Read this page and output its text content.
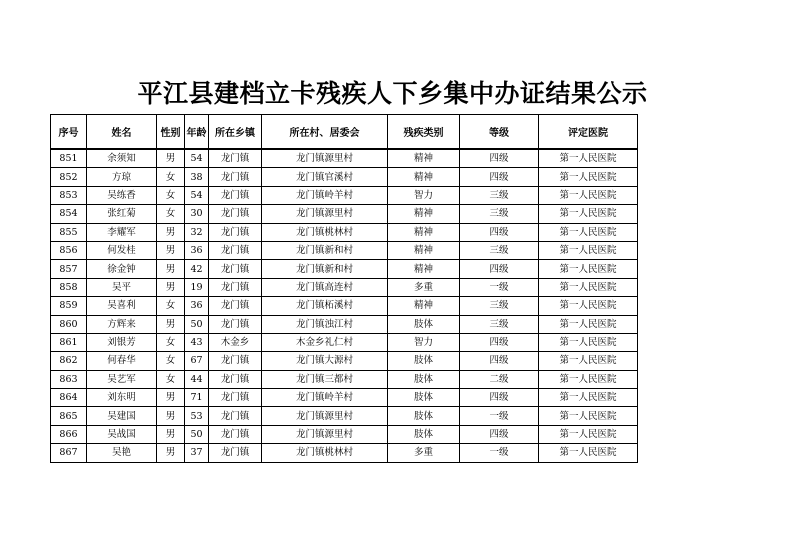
平江县建档立卡残疾人下乡集中办证结果公示
序号	姓名	性别	年龄	所在乡镇	所在村、居委会	残疾类别	等级	评定医院
851	余须知	男	54	龙门镇	龙门镇源里村	精神	四级	第一人民医院
852	方琼	女	38	龙门镇	龙门镇官溪村	精神	四级	第一人民医院
853	吴练香	女	54	龙门镇	龙门镇岭羊村	智力	三级	第一人民医院
854	张红菊	女	30	龙门镇	龙门镇源里村	精神	三级	第一人民医院
855	李耀军	男	32	龙门镇	龙门镇桃林村	精神	四级	第一人民医院
856	何发桂	男	36	龙门镇	龙门镇新和村	精神	三级	第一人民医院
857	徐金钟	男	42	龙门镇	龙门镇新和村	精神	四级	第一人民医院
858	吴平	男	19	龙门镇	龙门镇高连村	多重	一级	第一人民医院
859	吴喜利	女	36	龙门镇	龙门镇柘溪村	精神	三级	第一人民医院
860	方辉来	男	50	龙门镇	龙门镇浊江村	肢体	三级	第一人民医院
861	刘银芳	女	43	木金乡	木金乡礼仁村	智力	四级	第一人民医院
862	何春华	女	67	龙门镇	龙门镇大源村	肢体	四级	第一人民医院
863	吴艺军	女	44	龙门镇	龙门镇三都村	肢体	二级	第一人民医院
864	刘东明	男	71	龙门镇	龙门镇岭羊村	肢体	四级	第一人民医院
865	吴建国	男	53	龙门镇	龙门镇源里村	肢体	一级	第一人民医院
866	吴战国	男	50	龙门镇	龙门镇源里村	肢体	四级	第一人民医院
867	吴艳	男	37	龙门镇	龙门镇桃林村	多重	一级	第一人民医院
